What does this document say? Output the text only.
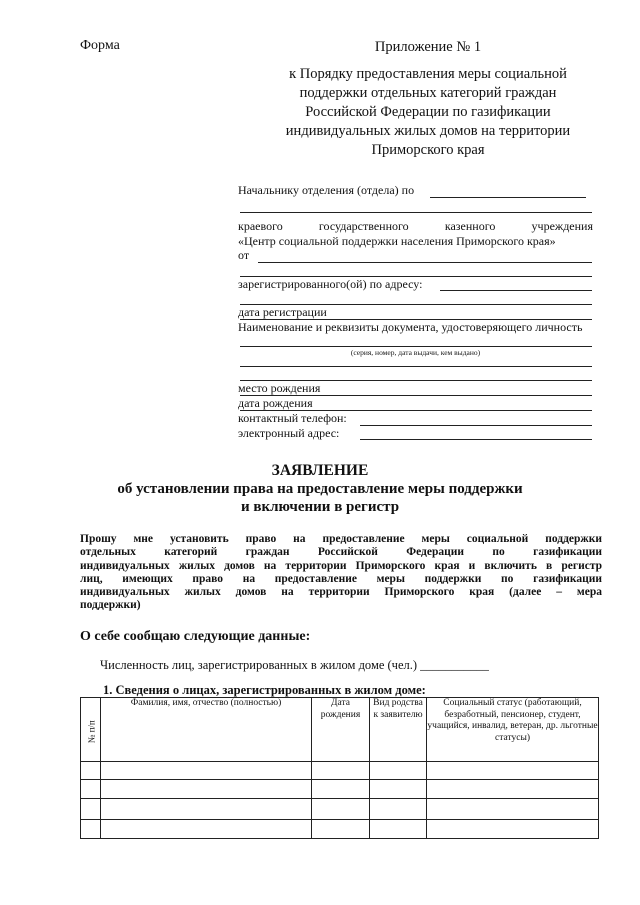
Форма	Приложение № 1
к Порядку предоставления меры социальной
поддержки отдельных категорий граждан
Российской Федерации по газификации
индивидуальных жилых домов на территории
Приморского края
Начальнику отделения (отдела) по
краевого государственного казенного учреждения
«Центр социальной поддержки населения Приморского края»
от
зарегистрированного(ой) по адресу:
дата регистрации
Наименование и реквизиты документа, удостоверяющего личность
(серия, номер, дата выдачи, кем выдано)
место рождения
дата рождения
контактный телефон:
электронный адрес:
ЗАЯВЛЕНИЕ
об установлении права на предоставление меры поддержки
и включении в регистр
Прошу мне установить право на предоставление меры социальной поддержки
отдельных категорий граждан Российской Федерации по газификации
индивидуальных жилых домов на территории Приморского края и включить в регистр
лиц, имеющих право на предоставление меры поддержки по газификации
индивидуальных жилых домов на территории Приморского края (далее – мера
поддержки)
О себе сообщаю следующие данные:
Численность лиц, зарегистрированных в жилом доме (чел.) ___________
1. Сведения о лицах, зарегистрированных в жилом доме:
№ п/п	Фамилия, имя, отчество (полностью)	Дата рождения	Вид родства к заявителю	Социальный статус (работающий, безработный, пенсионер, студент, учащийся, инвалид, ветеран, др. льготные статусы)
